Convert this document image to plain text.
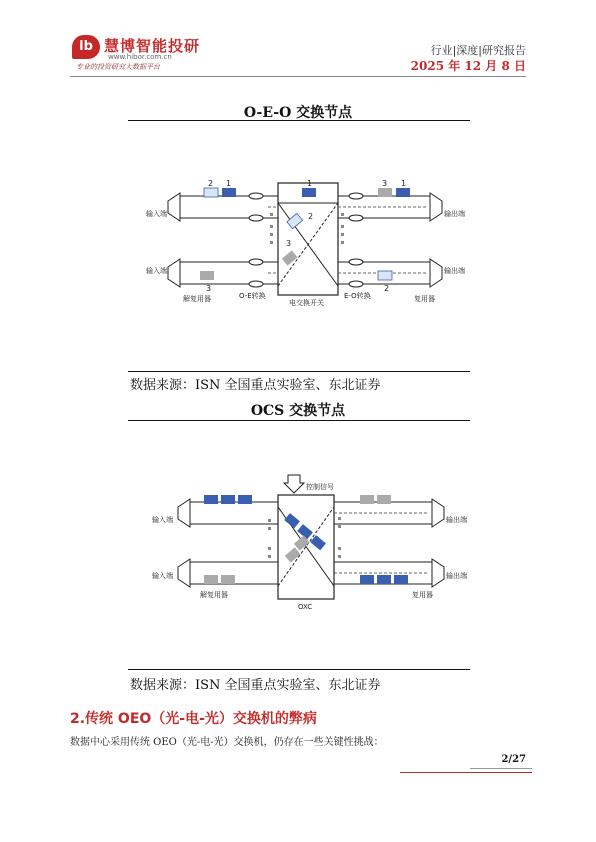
lb 慧博智能投研
www.hibor.com.cn
专业的投资研究大数据平台
行业|深度|研究报告
2025 年 12 月 8 日
2 1	1
2
3
3
3 1
2
输入端
输入端
输出端
输出端
解复用器	O-E转换
电交换开关
E-O转换	复用器
O-E-O 交换节点
数据来源：ISN 全国重点实验室、东北证券
控制信号
输入端
输入端
输出端
输出端
解复用器
OXC
复用器
OCS 交换节点
数据来源：ISN 全国重点实验室、东北证券
2.传统 OEO（光-电-光）交换机的弊病
数据中心采用传统 OEO（光-电-光）交换机，仍存在一些关键性挑战：
2/27
